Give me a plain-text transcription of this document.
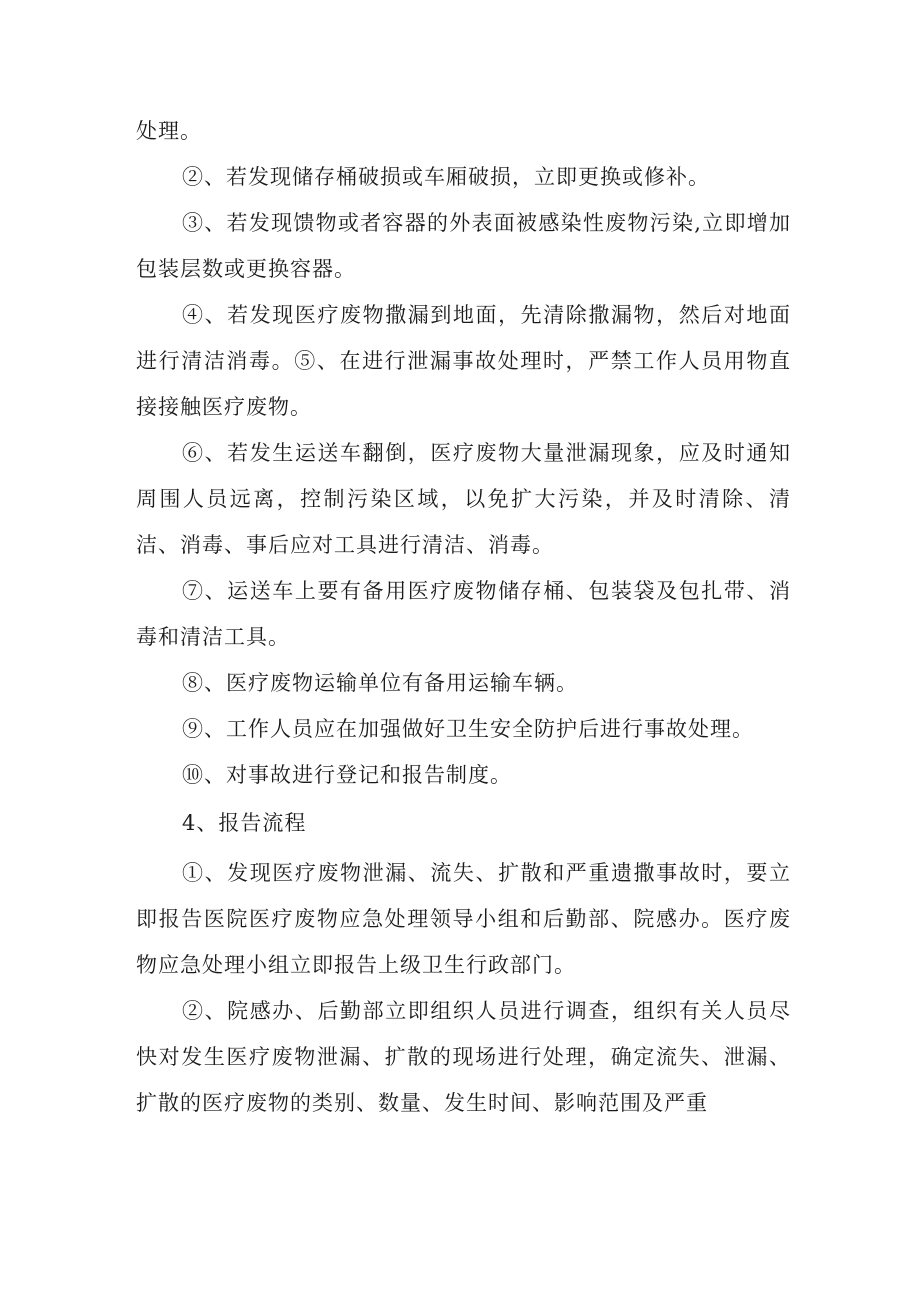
处理。

②、若发现储存桶破损或车厢破损，立即更换或修补。

③、若发现馈物或者容器的外表面被感染性废物污染,立即增加包装层数或更换容器。

④、若发现医疗废物撒漏到地面，先清除撒漏物，然后对地面进行清洁消毒。⑤、在进行泄漏事故处理时，严禁工作人员用物直接接触医疗废物。

⑥、若发生运送车翻倒，医疗废物大量泄漏现象，应及时通知周围人员远离，控制污染区域，以免扩大污染，并及时清除、清洁、消毒、事后应对工具进行清洁、消毒。

⑦、运送车上要有备用医疗废物储存桶、包装袋及包扎带、消毒和清洁工具。

⑧、医疗废物运输单位有备用运输车辆。

⑨、工作人员应在加强做好卫生安全防护后进行事故处理。

⑩、对事故进行登记和报告制度。

4、报告流程

①、发现医疗废物泄漏、流失、扩散和严重遗撒事故时，要立即报告医院医疗废物应急处理领导小组和后勤部、院感办。医疗废物应急处理小组立即报告上级卫生行政部门。

②、院感办、后勤部立即组织人员进行调查，组织有关人员尽快对发生医疗废物泄漏、扩散的现场进行处理，确定流失、泄漏、扩散的医疗废物的类别、数量、发生时间、影响范围及严重
